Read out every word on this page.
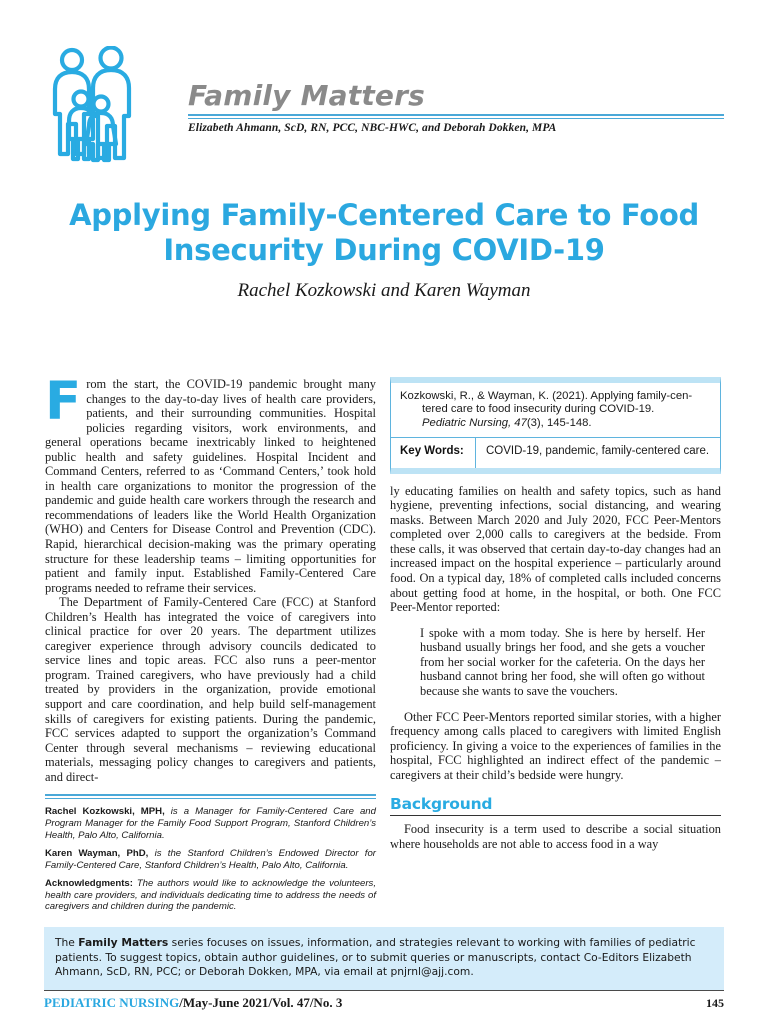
Family Matters
Elizabeth Ahmann, ScD, RN, PCC, NBC-HWC, and Deborah Dokken, MPA
Applying Family-Centered Care to Food Insecurity During COVID-19
Rachel Kozkowski and Karen Wayman

From the start, the COVID-19 pandemic brought many changes to the day-to-day lives of health care providers, patients, and their surrounding communities. Hospital policies regarding visitors, work environments, and general operations became inextricably linked to heightened public health and safety guidelines. Hospital Incident and Command Centers, referred to as ‘Command Centers,’ took hold in health care organizations to monitor the progression of the pandemic and guide health care workers through the research and recommendations of leaders like the World Health Organization (WHO) and Centers for Disease Control and Prevention (CDC). Rapid, hierarchical decision-making was the primary operating structure for these leadership teams – limiting opportunities for patient and family input. Established Family-Centered Care programs needed to reframe their services.

The Department of Family-Centered Care (FCC) at Stanford Children’s Health has integrated the voice of caregivers into clinical practice for over 20 years. The department utilizes caregiver experience through advisory councils dedicated to service lines and topic areas. FCC also runs a peer-mentor program. Trained caregivers, who have previously had a child treated by providers in the organization, provide emotional support and care coordination, and help build self-management skills of caregivers for existing patients. During the pandemic, FCC services adapted to support the organization’s Command Center through several mechanisms – reviewing educational materials, messaging policy changes to caregivers and patients, and direct-

Rachel Kozkowski, MPH, is a Manager for Family-Centered Care and Program Manager for the Family Food Support Program, Stanford Children’s Health, Palo Alto, California.

Karen Wayman, PhD, is the Stanford Children’s Endowed Director for Family-Centered Care, Stanford Children’s Health, Palo Alto, California.

Acknowledgments: The authors would like to acknowledge the volunteers, health care providers, and individuals dedicating time to address the needs of caregivers and children during the pandemic.

Kozkowski, R., & Wayman, K. (2021). Applying family-cen-
tered care to food insecurity during COVID-19.
Pediatric Nursing, 47(3), 145-148.
Key Words:	COVID-19, pandemic, family-centered care.

ly educating families on health and safety topics, such as hand hygiene, preventing infections, social distancing, and wearing masks. Between March 2020 and July 2020, FCC Peer-Mentors completed over 2,000 calls to caregivers at the bedside. From these calls, it was observed that certain day-to-day changes had an increased impact on the hospital experience – particularly around food. On a typical day, 18% of completed calls included concerns about getting food at home, in the hospital, or both. One FCC Peer-Mentor reported:

I spoke with a mom today. She is here by herself. Her husband usually brings her food, and she gets a voucher from her social worker for the cafeteria. On the days her husband cannot bring her food, she will often go without because she wants to save the vouchers.

Other FCC Peer-Mentors reported similar stories, with a higher frequency among calls placed to caregivers with limited English proficiency. In giving a voice to the experiences of families in the hospital, FCC highlighted an indirect effect of the pandemic – caregivers at their child’s bedside were hungry.

Background

Food insecurity is a term used to describe a social situation where households are not able to access food in a way

The Family Matters series focuses on issues, information, and strategies relevant to working with families of pediatric patients. To suggest topics, obtain author guidelines, or to submit queries or manuscripts, contact Co-Editors Elizabeth Ahmann, ScD, RN, PCC; or Deborah Dokken, MPA, via email at pnjrnl@ajj.com.
PEDIATRIC NURSING/May-June 2021/Vol. 47/No. 3	145
